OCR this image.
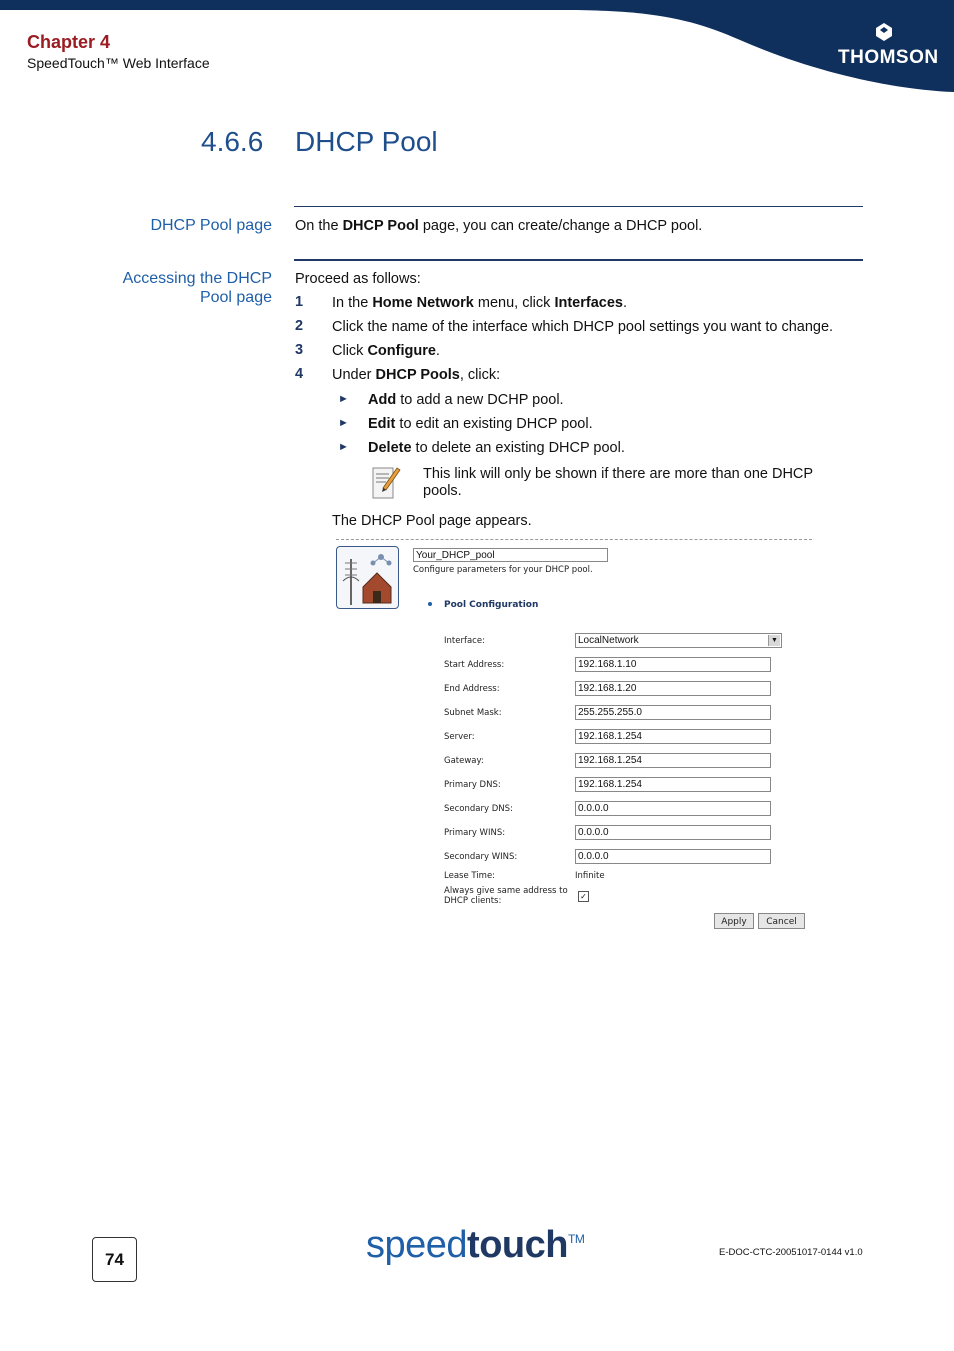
Chapter 4
SpeedTouch™ Web Interface	THOMSON
4.6.6 DHCP Pool
DHCP Pool page On the DHCP Pool page, you can create/change a DHCP pool.
Accessing the DHCP
Pool page
Proceed as follows:
1 In the Home Network menu, click Interfaces.
2 Click the name of the interface which DHCP pool settings you want to change.
3 Click Configure.
4 Under DHCP Pools, click:
► Add to add a new DCHP pool.
► Edit to edit an existing DHCP pool.
► Delete to delete an existing DHCP pool.
This link will only be shown if there are more than one DHCP
pools.
The DHCP Pool page appears.
Your_DHCP_pool
Configure parameters for your DHCP pool.
Pool Configuration
Interface:	LocalNetwork	▼
Start Address:	192.168.1.10
End Address:	192.168.1.20
Subnet Mask:	255.255.255.0
Server:	192.168.1.254
Gateway:	192.168.1.254
Primary DNS:	192.168.1.254
Secondary DNS:	0.0.0.0
Primary WINS:	0.0.0.0
Secondary WINS:	0.0.0.0
Lease Time:	Infinite
Always give same address to
DHCP clients:	✓
Apply	Cancel
74	speedtouch™
E-DOC-CTC-20051017-0144 v1.0
